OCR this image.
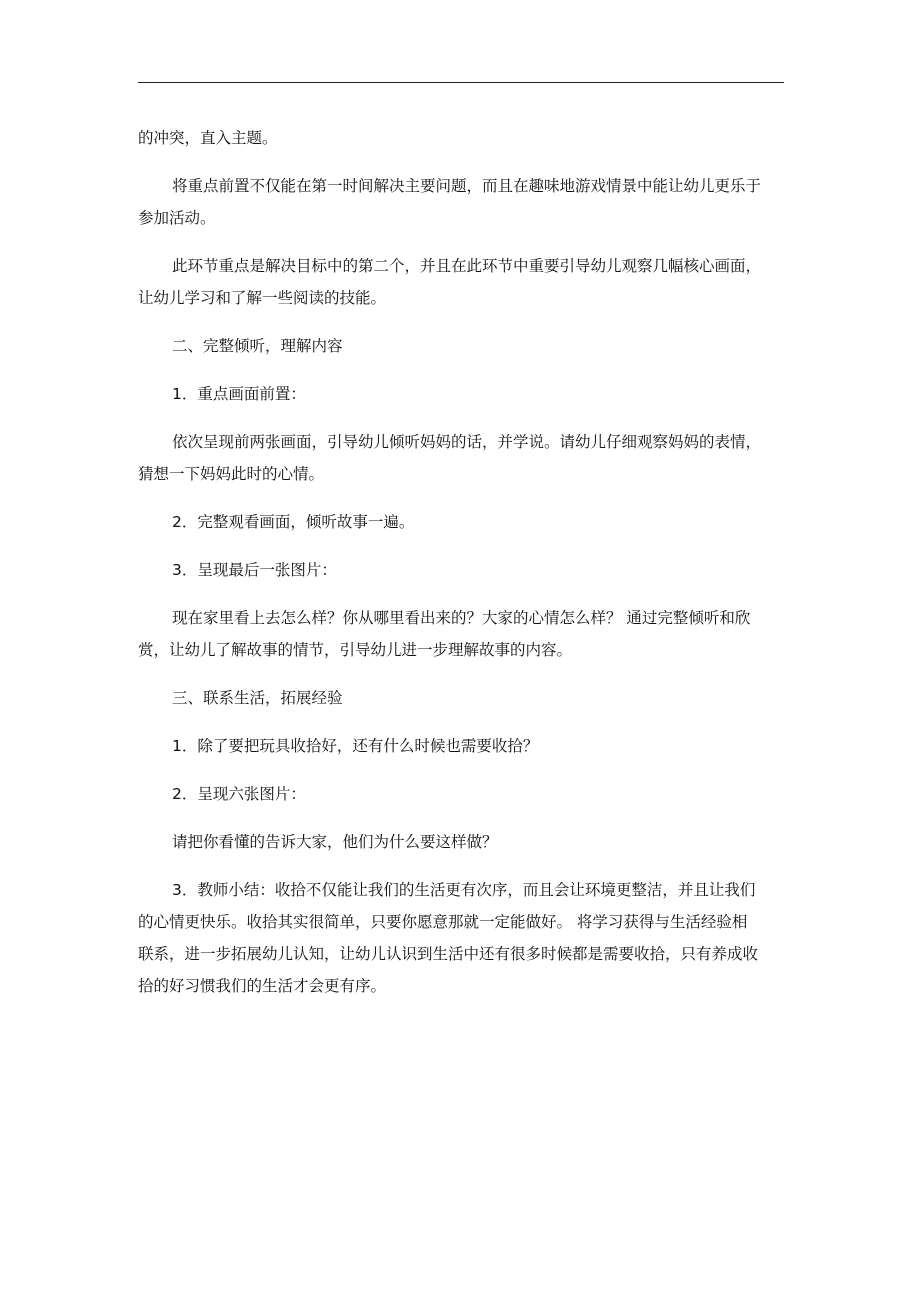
的冲突，直入主题。

将重点前置不仅能在第一时间解决主要问题，而且在趣味地游戏情景中能让幼儿更乐于
参加活动。

此环节重点是解决目标中的第二个，并且在此环节中重要引导幼儿观察几幅核心画面，
让幼儿学习和了解一些阅读的技能。

二、完整倾听，理解内容

1．重点画面前置：

依次呈现前两张画面，引导幼儿倾听妈妈的话，并学说。请幼儿仔细观察妈妈的表情，
猜想一下妈妈此时的心情。

2．完整观看画面，倾听故事一遍。

3．呈现最后一张图片：

现在家里看上去怎么样？你从哪里看出来的？大家的心情怎么样？ 通过完整倾听和欣
赏，让幼儿了解故事的情节，引导幼儿进一步理解故事的内容。

三、联系生活，拓展经验

1．除了要把玩具收拾好，还有什么时候也需要收拾？

2．呈现六张图片：

请把你看懂的告诉大家，他们为什么要这样做？

3．教师小结：收拾不仅能让我们的生活更有次序，而且会让环境更整洁，并且让我们
的心情更快乐。收拾其实很简单，只要你愿意那就一定能做好。 将学习获得与生活经验相
联系，进一步拓展幼儿认知，让幼儿认识到生活中还有很多时候都是需要收拾，只有养成收
拾的好习惯我们的生活才会更有序。
